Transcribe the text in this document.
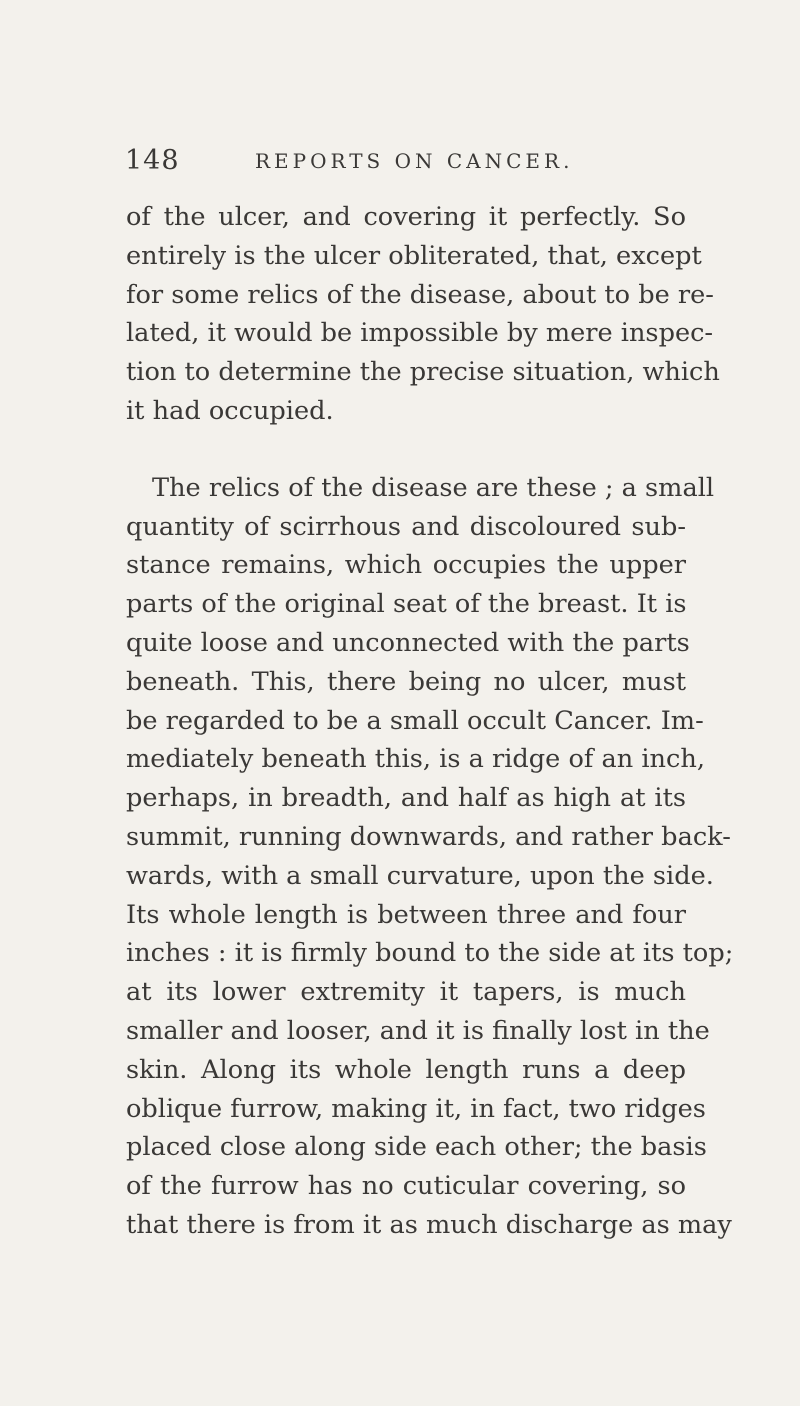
148	REPORTS ON CANCER.
of the ulcer, and covering it perfectly. So
entirely is the ulcer obliterated, that, except
for some relics of the disease, about to be re-
lated, it would be impossible by mere inspec-
tion to determine the precise situation, which
it had occupied.
The relics of the disease are these ; a small
quantity of scirrhous and discoloured sub-
stance remains, which occupies the upper
parts of the original seat of the breast. It is
quite loose and unconnected with the parts
beneath. This, there being no ulcer, must
be regarded to be a small occult Cancer. Im-
mediately beneath this, is a ridge of an inch,
perhaps, in breadth, and half as high at its
summit, running downwards, and rather back-
wards, with a small curvature, upon the side.
Its whole length is between three and four
inches : it is firmly bound to the side at its top;
at its lower extremity it tapers, is much
smaller and looser, and it is finally lost in the
skin. Along its whole length runs a deep
oblique furrow, making it, in fact, two ridges
placed close along side each other; the basis
of the furrow has no cuticular covering, so
that there is from it as much discharge as may
